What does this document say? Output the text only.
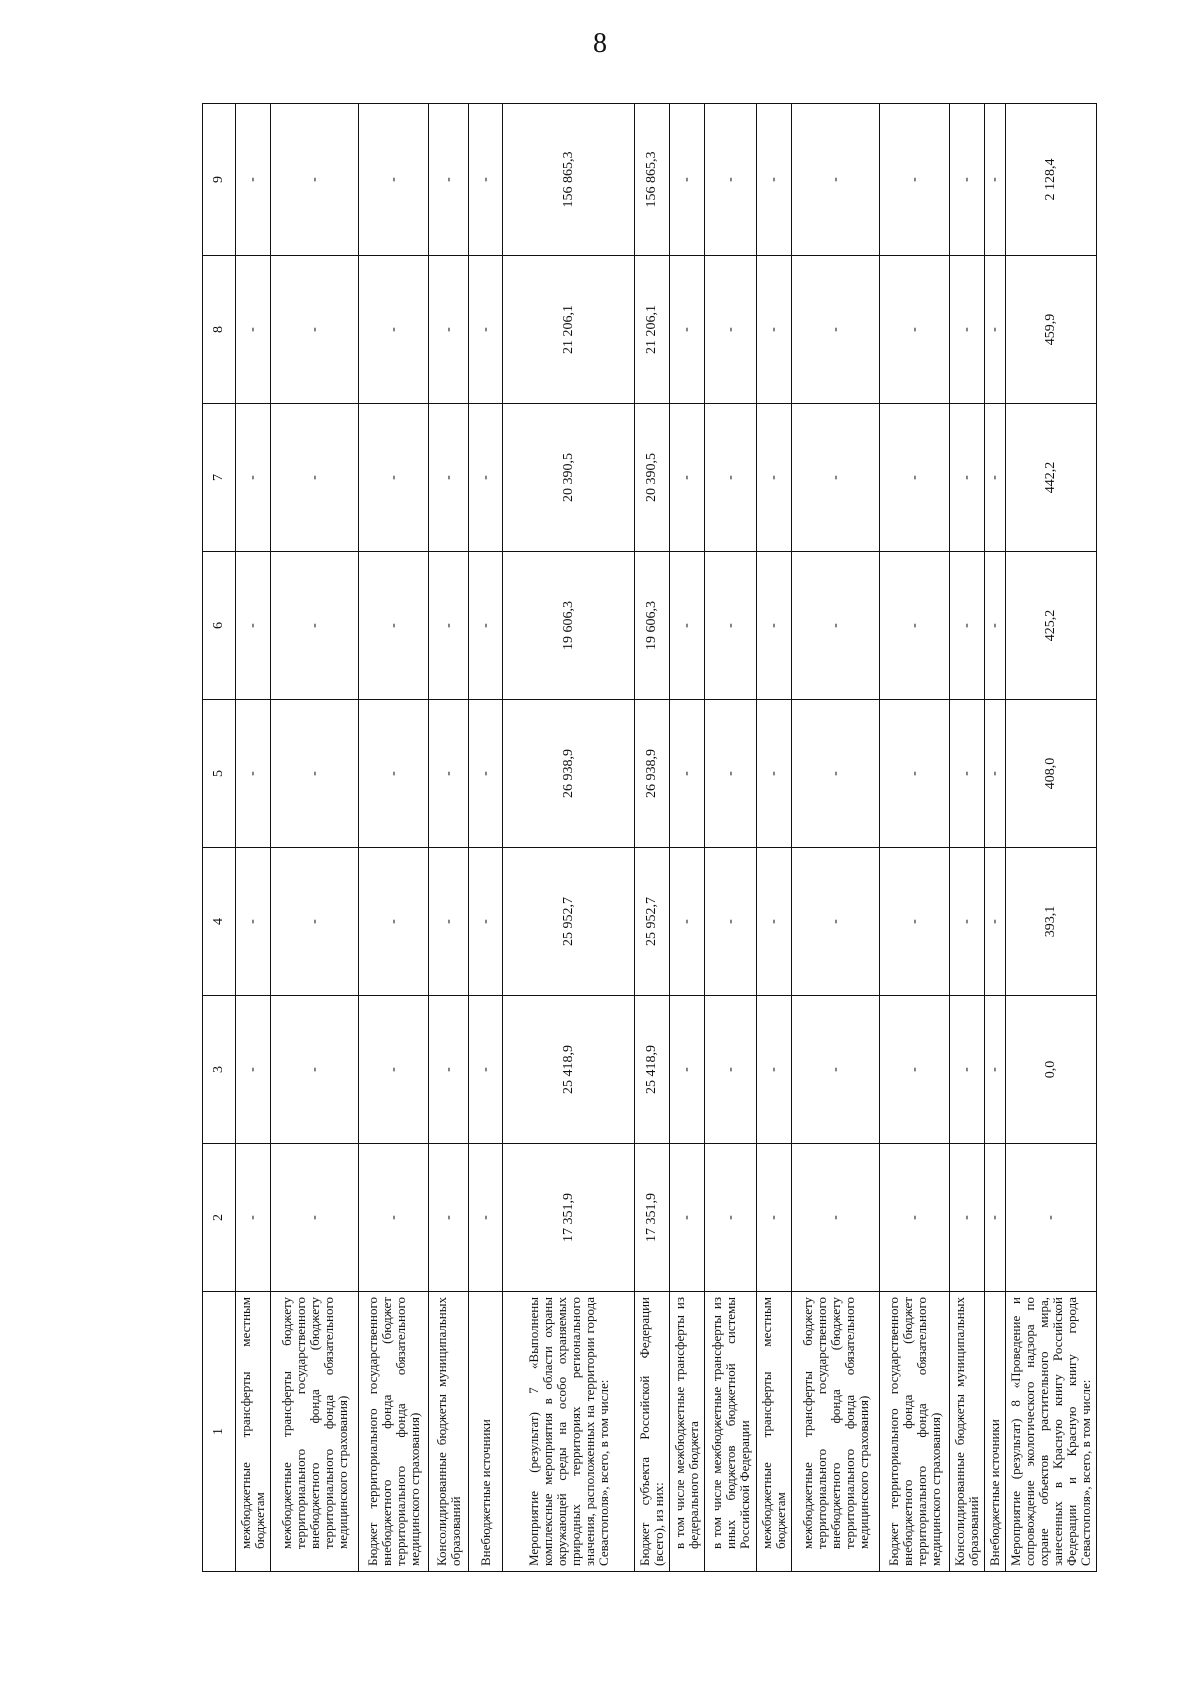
8
1	2	3	4	5	6	7	8	9
межбюджетные трансферты местным бюджетам	-	-	-	-	-	-	-	-
межбюджетные трансферты бюджету территориального государственного внебюджетного фонда (бюджету территориального фонда обязательного медицинского страхования)	-	-	-	-	-	-	-	-
Бюджет территориального государственного внебюджетного фонда (бюджет территориального фонда обязательного медицинского страхования)	-	-	-	-	-	-	-	-
Консолидированные бюджеты муниципальных образований	-	-	-	-	-	-	-	-
Внебюджетные источники	-	-	-	-	-	-	-	-
Мероприятие (результат) 7 «Выполнены комплексные мероприятия в области охраны окружающей среды на особо охраняемых природных территориях регионального значения, расположенных на территории города Севастополя», всего, в том числе:	17 351,9	25 418,9	25 952,7	26 938,9	19 606,3	20 390,5	21 206,1	156 865,3
Бюджет субъекта Российской Федерации (всего), из них:	17 351,9	25 418,9	25 952,7	26 938,9	19 606,3	20 390,5	21 206,1	156 865,3
в том числе межбюджетные трансферты из федерального бюджета	-	-	-	-	-	-	-	-
в том числе межбюджетные трансферты из иных бюджетов бюджетной системы Российской Федерации	-	-	-	-	-	-	-	-
межбюджетные трансферты местным бюджетам	-	-	-	-	-	-	-	-
межбюджетные трансферты бюджету территориального государственного внебюджетного фонда (бюджету территориального фонда обязательного медицинского страхования)	-	-	-	-	-	-	-	-
Бюджет территориального государственного внебюджетного фонда (бюджет территориального фонда обязательного медицинского страхования)	-	-	-	-	-	-	-	-
Консолидированные бюджеты муниципальных образований	-	-	-	-	-	-	-	-
Внебюджетные источники	-	-	-	-	-	-	-	-
Мероприятие (результат) 8 «Проведение и сопровождение экологического надзора по охране объектов растительного мира, занесенных в Красную книгу Российской Федерации и Красную книгу города Севастополя», всего, в том числе:	-	0,0	393,1	408,0	425,2	442,2	459,9	2 128,4
